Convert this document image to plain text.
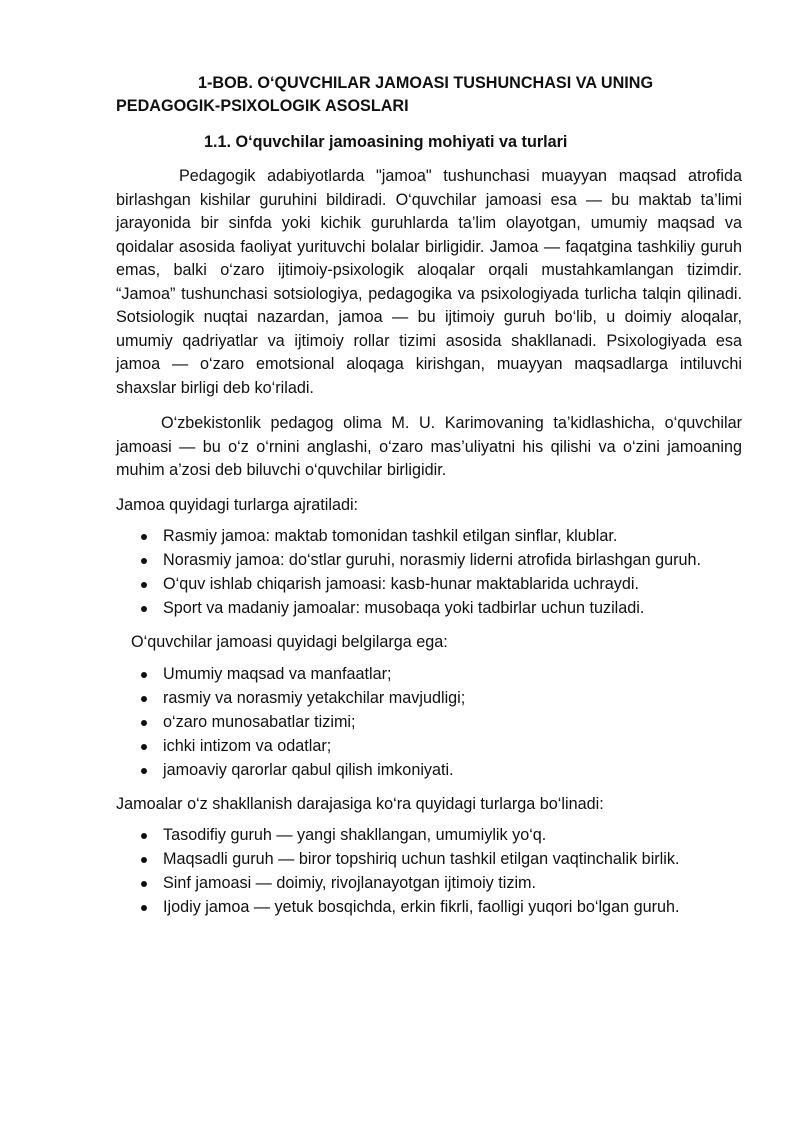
1-BOB. O‘QUVCHILAR JAMOASI TUSHUNCHASI VA UNING PEDAGOGIK-PSIXOLOGIK ASOSLARI

1.1. O‘quvchilar jamoasining mohiyati va turlari

Pedagogik adabiyotlarda "jamoa" tushunchasi muayyan maqsad atrofida birlashgan kishilar guruhini bildiradi. O‘quvchilar jamoasi esa — bu maktab ta’limi jarayonida bir sinfda yoki kichik guruhlarda ta’lim olayotgan, umumiy maqsad va qoidalar asosida faoliyat yurituvchi bolalar birligidir. Jamoa — faqatgina tashkiliy guruh emas, balki o‘zaro ijtimoiy-psixologik aloqalar orqali mustahkamlangan tizimdir. “Jamoa” tushunchasi sotsiologiya, pedagogika va psixologiyada turlicha talqin qilinadi. Sotsiologik nuqtai nazardan, jamoa — bu ijtimoiy guruh bo‘lib, u doimiy aloqalar, umumiy qadriyatlar va ijtimoiy rollar tizimi asosida shakllanadi. Psixologiyada esa jamoa — o‘zaro emotsional aloqaga kirishgan, muayyan maqsadlarga intiluvchi shaxslar birligi deb ko‘riladi.

O‘zbekistonlik pedagog olima M. U. Karimovaning ta’kidlashicha, o‘quvchilar jamoasi — bu o‘z o‘rnini anglashi, o‘zaro mas’uliyatni his qilishi va o‘zini jamoaning muhim a’zosi deb biluvchi o‘quvchilar birligidir.

Jamoa quyidagi turlarga ajratiladi:

Rasmiy jamoa: maktab tomonidan tashkil etilgan sinflar, klublar.
Norasmiy jamoa: do‘stlar guruhi, norasmiy liderni atrofida birlashgan guruh.
O‘quv ishlab chiqarish jamoasi: kasb-hunar maktablarida uchraydi.
Sport va madaniy jamoalar: musobaqa yoki tadbirlar uchun tuziladi.

O‘quvchilar jamoasi quyidagi belgilarga ega:

Umumiy maqsad va manfaatlar;
rasmiy va norasmiy yetakchilar mavjudligi;
o‘zaro munosabatlar tizimi;
ichki intizom va odatlar;
jamoaviy qarorlar qabul qilish imkoniyati.

Jamoalar o‘z shakllanish darajasiga ko‘ra quyidagi turlarga bo‘linadi:

Tasodifiy guruh — yangi shakllangan, umumiylik yo‘q.
Maqsadli guruh — biror topshiriq uchun tashkil etilgan vaqtinchalik birlik.
Sinf jamoasi — doimiy, rivojlanayotgan ijtimoiy tizim.
Ijodiy jamoa — yetuk bosqichda, erkin fikrli, faolligi yuqori bo‘lgan guruh.
